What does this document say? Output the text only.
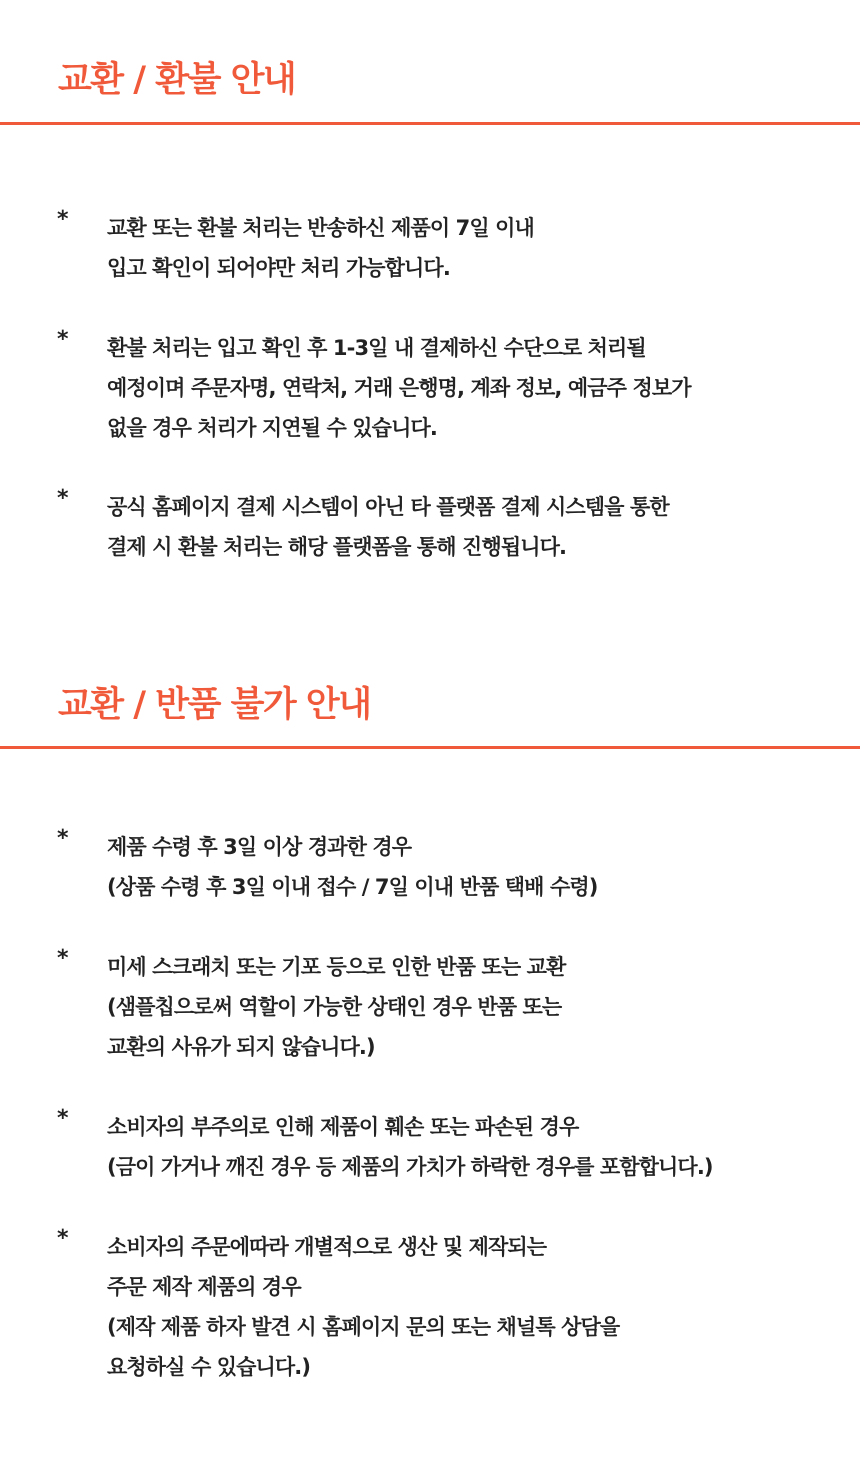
교환 / 환불 안내
* 교환 또는 환불 처리는 반송하신 제품이 7일 이내
입고 확인이 되어야만 처리 가능합니다.
* 환불 처리는 입고 확인 후 1-3일 내 결제하신 수단으로 처리될
예정이며 주문자명, 연락처, 거래 은행명, 계좌 정보, 예금주 정보가
없을 경우 처리가 지연될 수 있습니다.
* 공식 홈페이지 결제 시스템이 아닌 타 플랫폼 결제 시스템을 통한
결제 시 환불 처리는 해당 플랫폼을 통해 진행됩니다.
교환 / 반품 불가 안내
* 제품 수령 후 3일 이상 경과한 경우
(상품 수령 후 3일 이내 접수 / 7일 이내 반품 택배 수령)
* 미세 스크래치 또는 기포 등으로 인한 반품 또는 교환
(샘플칩으로써 역할이 가능한 상태인 경우 반품 또는
교환의 사유가 되지 않습니다.)
* 소비자의 부주의로 인해 제품이 훼손 또는 파손된 경우
(금이 가거나 깨진 경우 등 제품의 가치가 하락한 경우를 포함합니다.)
* 소비자의 주문에따라 개별적으로 생산 및 제작되는
주문 제작 제품의 경우
(제작 제품 하자 발견 시 홈페이지 문의 또는 채널톡 상담을
요청하실 수 있습니다.)
